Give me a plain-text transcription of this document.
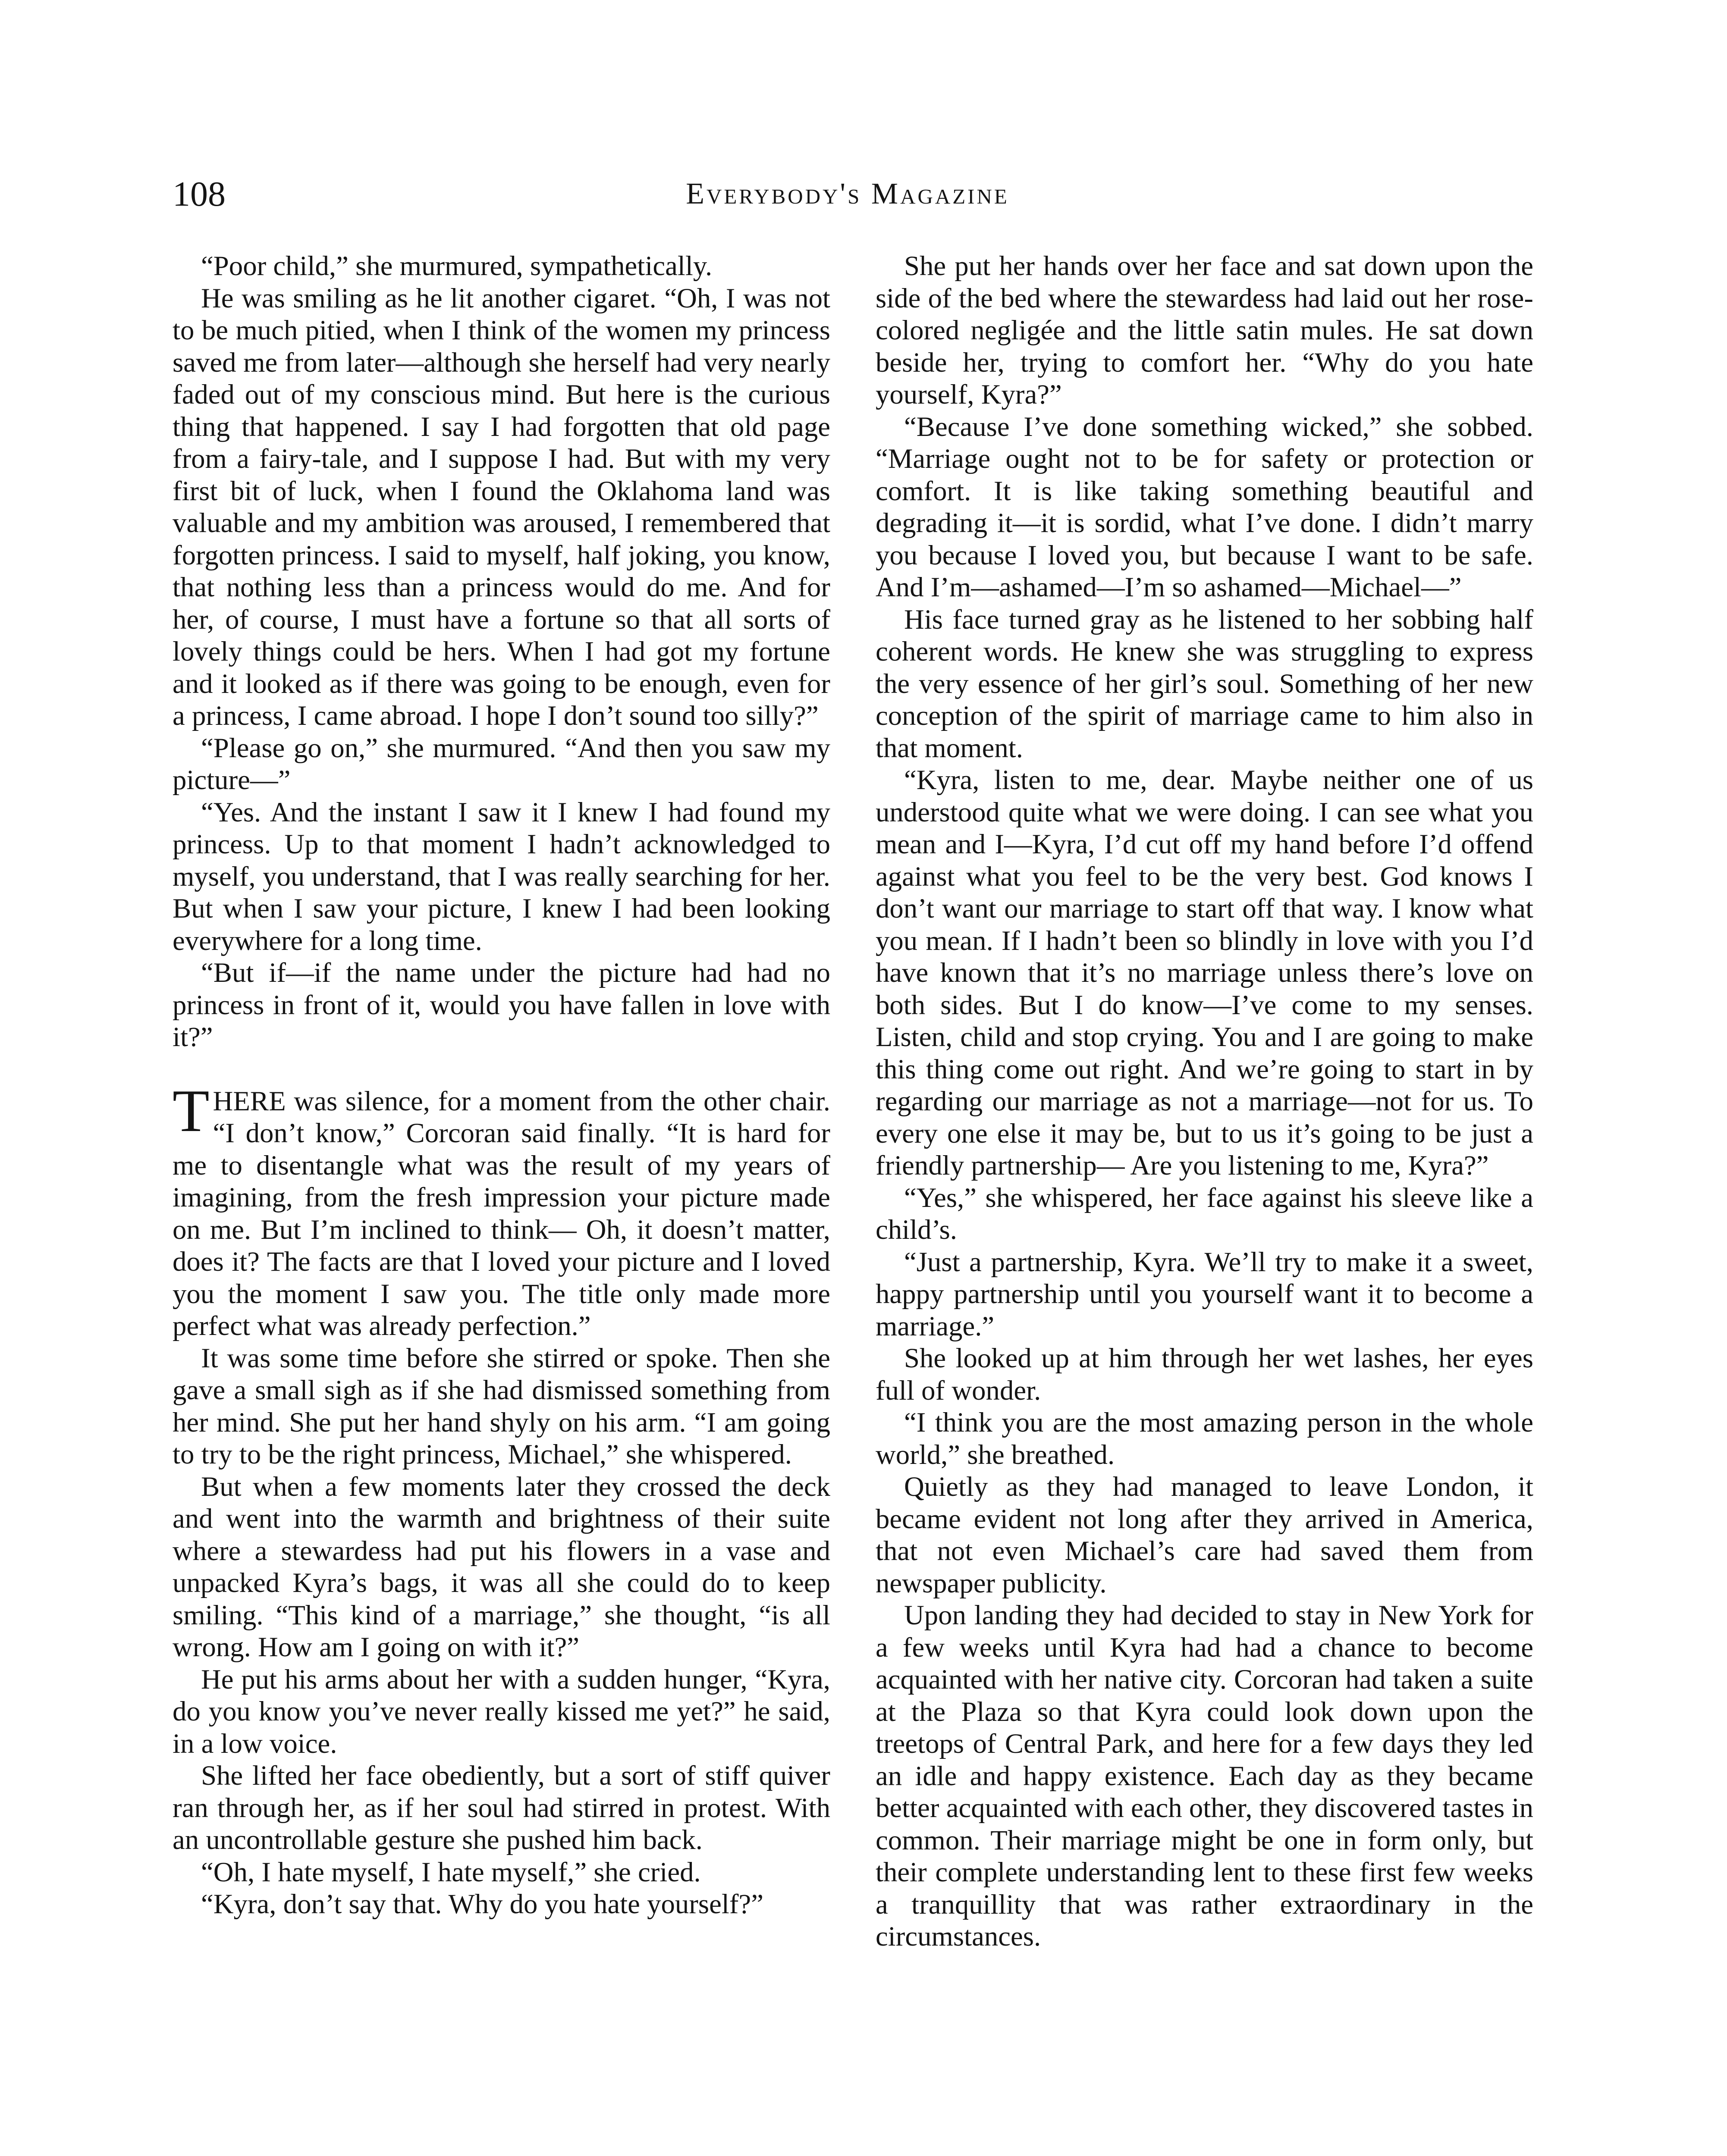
108	Everybody's Magazine

“Poor child,” she murmured, sympathetically.

He was smiling as he lit another cigaret. “Oh, I was not to be much pitied, when I think of the women my princess saved me from later—although she herself had very nearly faded out of my conscious mind. But here is the curious thing that happened. I say I had forgotten that old page from a fairy-tale, and I suppose I had. But with my very first bit of luck, when I found the Oklahoma land was valuable and my ambition was aroused, I remembered that forgotten princess. I said to myself, half joking, you know, that nothing less than a princess would do me. And for her, of course, I must have a fortune so that all sorts of lovely things could be hers. When I had got my fortune and it looked as if there was going to be enough, even for a princess, I came abroad. I hope I don’t sound too silly?”

“Please go on,” she murmured. “And then you saw my picture—”

“Yes. And the instant I saw it I knew I had found my princess. Up to that moment I hadn’t acknowledged to myself, you understand, that I was really searching for her. But when I saw your picture, I knew I had been looking everywhere for a long time.

“But if—if the name under the picture had had no princess in front of it, would you have fallen in love with it?”

THERE was silence, for a moment from the other chair. “I don’t know,” Corcoran said finally. “It is hard for me to disentangle what was the result of my years of imagining, from the fresh impression your picture made on me. But I’m inclined to think— Oh, it doesn’t matter, does it? The facts are that I loved your picture and I loved you the moment I saw you. The title only made more perfect what was already perfection.”

It was some time before she stirred or spoke. Then she gave a small sigh as if she had dismissed something from her mind. She put her hand shyly on his arm. “I am going to try to be the right princess, Michael,” she whispered.

But when a few moments later they crossed the deck and went into the warmth and brightness of their suite where a stewardess had put his flowers in a vase and unpacked Kyra’s bags, it was all she could do to keep smiling. “This kind of a marriage,” she thought, “is all wrong. How am I going on with it?”

He put his arms about her with a sudden hunger, “Kyra, do you know you’ve never really kissed me yet?” he said, in a low voice.

She lifted her face obediently, but a sort of stiff quiver ran through her, as if her soul had stirred in protest. With an uncontrollable gesture she pushed him back.

“Oh, I hate myself, I hate myself,” she cried.

“Kyra, don’t say that. Why do you hate yourself?”

She put her hands over her face and sat down upon the side of the bed where the stewardess had laid out her rose-colored negligée and the little satin mules. He sat down beside her, trying to comfort her. “Why do you hate yourself, Kyra?”

“Because I’ve done something wicked,” she sobbed. “Marriage ought not to be for safety or protection or comfort. It is like taking something beautiful and degrading it—it is sordid, what I’ve done. I didn’t marry you because I loved you, but because I want to be safe. And I’m—ashamed—I’m so ashamed—Michael—”

His face turned gray as he listened to her sobbing half coherent words. He knew she was struggling to express the very essence of her girl’s soul. Something of her new conception of the spirit of marriage came to him also in that moment.

“Kyra, listen to me, dear. Maybe neither one of us understood quite what we were doing. I can see what you mean and I—Kyra, I’d cut off my hand before I’d offend against what you feel to be the very best. God knows I don’t want our marriage to start off that way. I know what you mean. If I hadn’t been so blindly in love with you I’d have known that it’s no marriage unless there’s love on both sides. But I do know—I’ve come to my senses. Listen, child and stop crying. You and I are going to make this thing come out right. And we’re going to start in by regarding our marriage as not a marriage—not for us. To every one else it may be, but to us it’s going to be just a friendly partnership— Are you listening to me, Kyra?”

“Yes,” she whispered, her face against his sleeve like a child’s.

“Just a partnership, Kyra. We’ll try to make it a sweet, happy partnership until you yourself want it to become a marriage.”

She looked up at him through her wet lashes, her eyes full of wonder.

“I think you are the most amazing person in the whole world,” she breathed.

Quietly as they had managed to leave London, it became evident not long after they arrived in America, that not even Michael’s care had saved them from newspaper publicity.

Upon landing they had decided to stay in New York for a few weeks until Kyra had had a chance to become acquainted with her native city. Corcoran had taken a suite at the Plaza so that Kyra could look down upon the treetops of Central Park, and here for a few days they led an idle and happy existence. Each day as they became better acquainted with each other, they discovered tastes in common. Their marriage might be one in form only, but their complete understanding lent to these first few weeks a tranquillity that was rather extraordinary in the circumstances.
